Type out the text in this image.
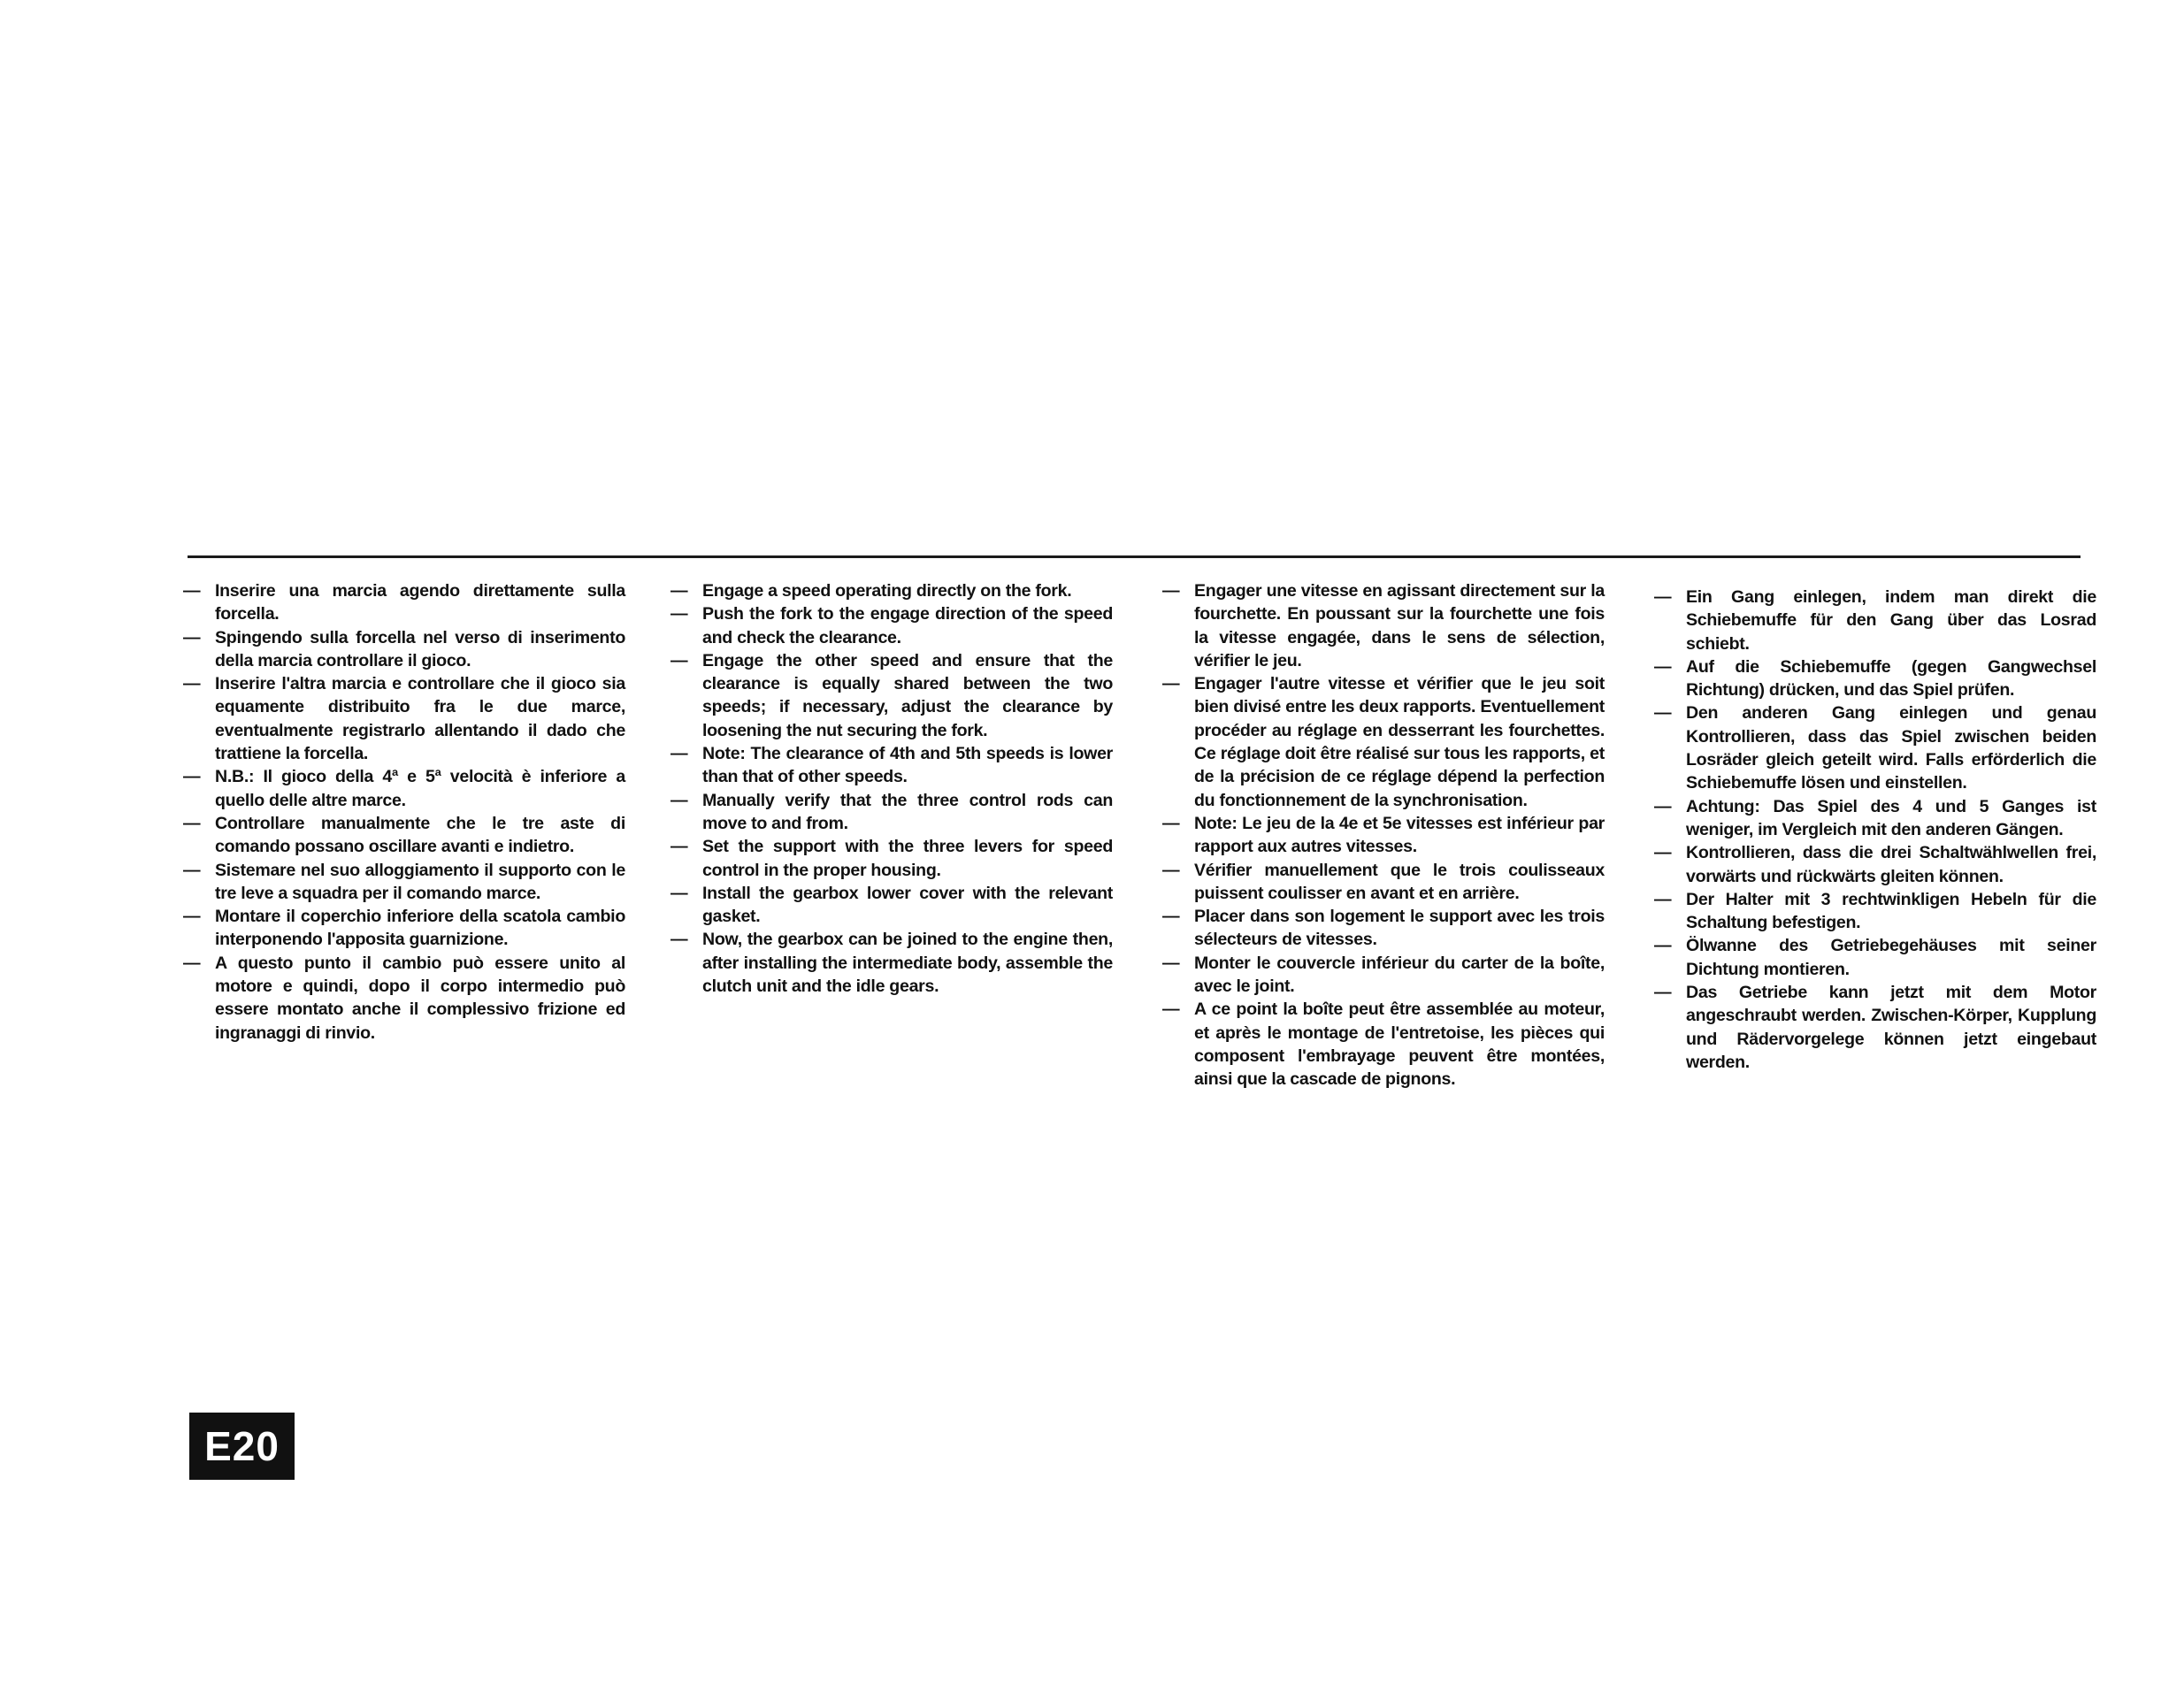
— Inserire una marcia agendo direttamente sulla forcella.
— Spingendo sulla forcella nel verso di inserimento della marcia controllare il gioco.
— Inserire l'altra marcia e controllare che il gioco sia equamente distribuito fra le due marce, eventualmente registrarlo allentando il dado che trattiene la forcella.
— N.B.: Il gioco della 4ª e 5ª velocità è inferiore a quello delle altre marce.
— Controllare manualmente che le tre aste di comando possano oscillare avanti e indietro.
— Sistemare nel suo alloggiamento il supporto con le tre leve a squadra per il comando marce.
— Montare il coperchio inferiore della scatola cambio interponendo l'apposita guarnizione.
— A questo punto il cambio può essere unito al motore e quindi, dopo il corpo intermedio può essere montato anche il complessivo frizione ed ingranaggi di rinvio.
— Engage a speed operating directly on the fork.
— Push the fork to the engage direction of the speed and check the clearance.
— Engage the other speed and ensure that the clearance is equally shared between the two speeds; if necessary, adjust the clearance by loosening the nut securing the fork.
— Note: The clearance of 4th and 5th speeds is lower than that of other speeds.
— Manually verify that the three control rods can move to and from.
— Set the support with the three levers for speed control in the proper housing.
— Install the gearbox lower cover with the relevant gasket.
— Now, the gearbox can be joined to the engine then, after installing the intermediate body, assemble the clutch unit and the idle gears.
— Engager une vitesse en agissant directement sur la fourchette. En poussant sur la fourchette une fois la vitesse engagée, dans le sens de sélection, vérifier le jeu.
— Engager l'autre vitesse et vérifier que le jeu soit bien divisé entre les deux rapports. Eventuellement procéder au réglage en desserrant les fourchettes. Ce réglage doit être réalisé sur tous les rapports, et de la précision de ce réglage dépend la perfection du fonctionnement de la synchronisation.
— Note: Le jeu de la 4e et 5e vitesses est inférieur par rapport aux autres vitesses.
— Vérifier manuellement que le trois coulisseaux puissent coulisser en avant et en arrière.
— Placer dans son logement le support avec les trois sélecteurs de vitesses.
— Monter le couvercle inférieur du carter de la boîte, avec le joint.
— A ce point la boîte peut être assemblée au moteur, et après le montage de l'entretoise, les pièces qui composent l'embrayage peuvent être montées, ainsi que la cascade de pignons.
— Ein Gang einlegen, indem man direkt die Schiebemuffe für den Gang über das Losrad schiebt.
— Auf die Schiebemuffe (gegen Gangwechsel Richtung) drücken, und das Spiel prüfen.
— Den anderen Gang einlegen und genau Kontrollieren, dass das Spiel zwischen beiden Losräder gleich geteilt wird. Falls erförderlich die Schiebemuffe lösen und einstellen.
— Achtung: Das Spiel des 4 und 5 Ganges ist weniger, im Vergleich mit den anderen Gängen.
— Kontrollieren, dass die drei Schaltwählwellen frei, vorwärts und rückwärts gleiten können.
— Der Halter mit 3 rechtwinkligen Hebeln für die Schaltung befestigen.
— Ölwanne des Getriebegehäuses mit seiner Dichtung montieren.
— Das Getriebe kann jetzt mit dem Motor angeschraubt werden. Zwischen-Körper, Kupplung und Rädervorgelege können jetzt eingebaut werden.
E20
